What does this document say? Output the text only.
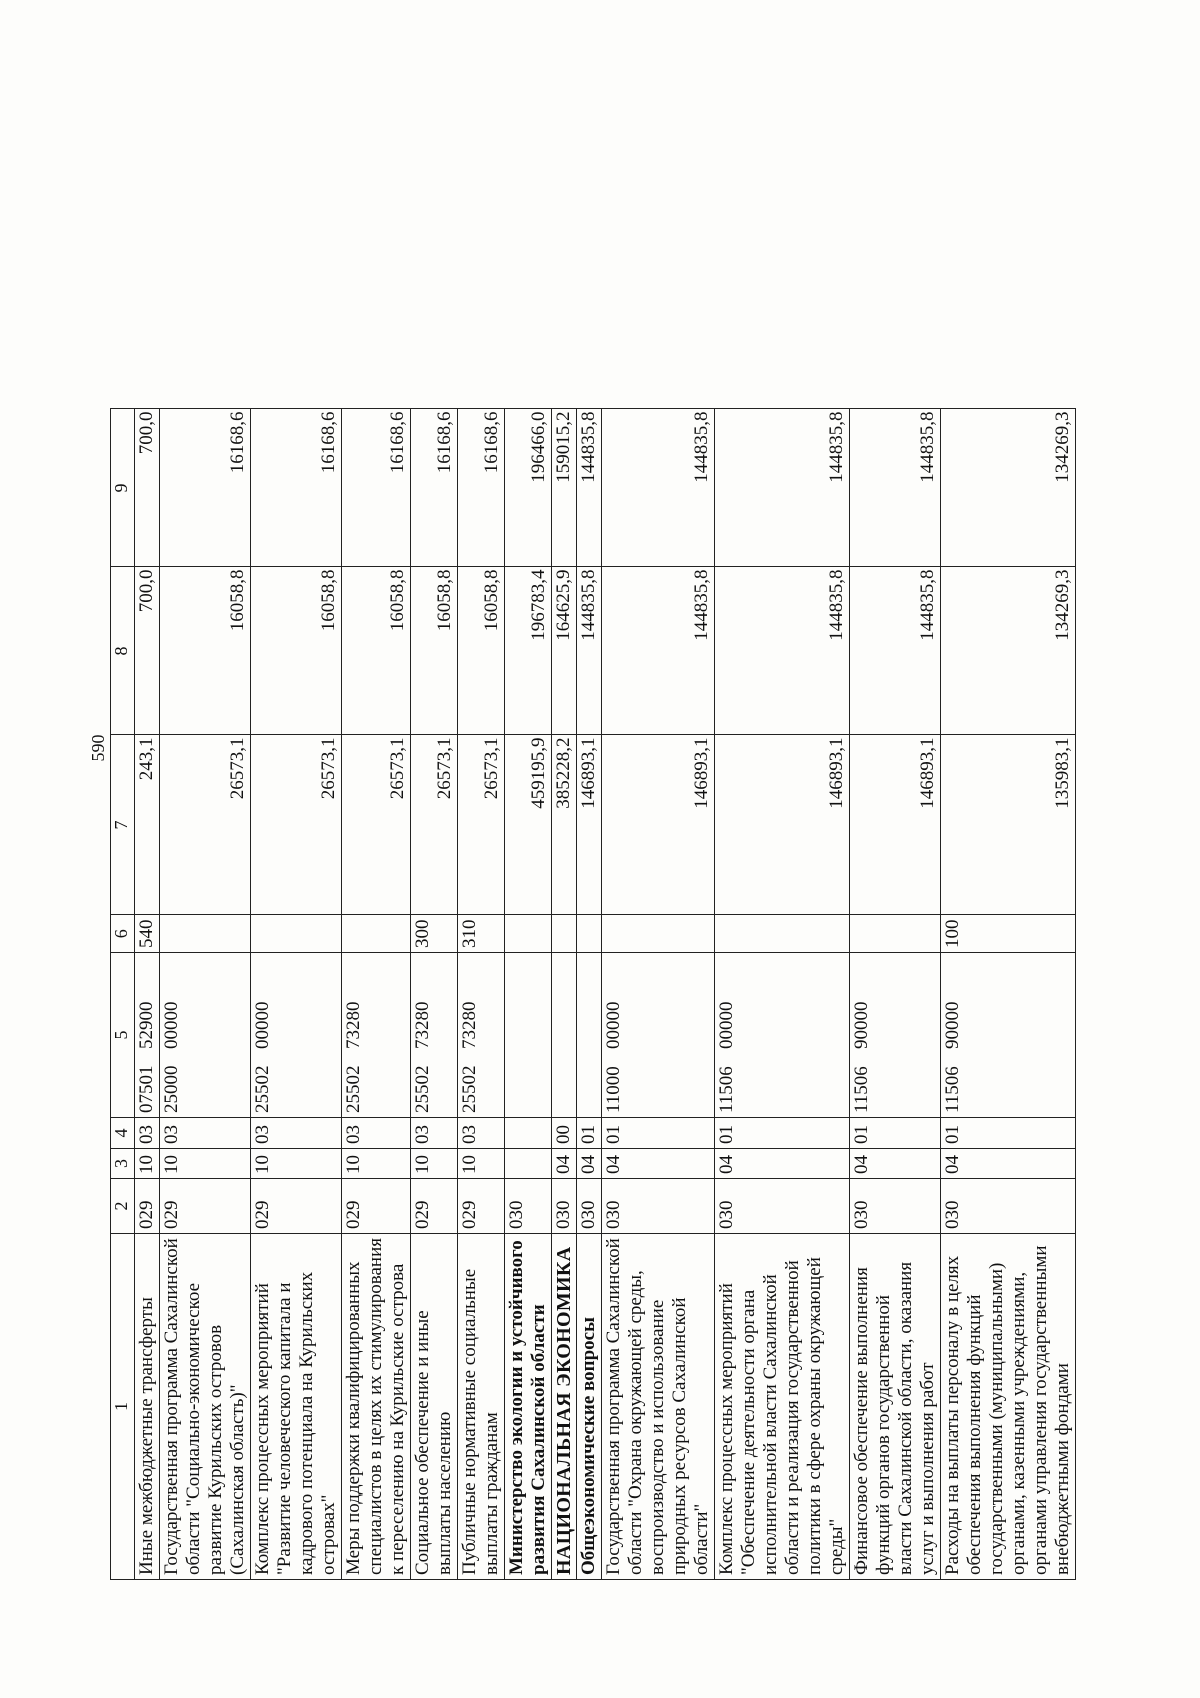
590
1	2	3	4	5	6	7	8	9
Иные межбюджетные трансферты	029	10	03	0750152900	540	243,1	700,0	700,0
Государственная программа Сахалинской области "Социально-экономическое развитие Курильских островов (Сахалинская область)"	029	10	03	2500000000		26573,1	16058,8	16168,6
Комплекс процессных мероприятий "Развитие человеческого капитала и кадрового потенциала на Курильских островах"	029	10	03	2550200000		26573,1	16058,8	16168,6
Меры поддержки квалифицированных специалистов в целях их стимулирования к переселению на Курильские острова	029	10	03	2550273280		26573,1	16058,8	16168,6
Социальное обеспечение и иные выплаты населению	029	10	03	2550273280	300	26573,1	16058,8	16168,6
Публичные нормативные социальные выплаты гражданам	029	10	03	2550273280	310	26573,1	16058,8	16168,6
Министерство экологии и устойчивого развития Сахалинской области	030					459195,9	196783,4	196466,0
НАЦИОНАЛЬНАЯ ЭКОНОМИКА	030	04	00			385228,2	164625,9	159015,2
Общеэкономические вопросы	030	04	01			146893,1	144835,8	144835,8
Государственная программа Сахалинской области "Охрана окружающей среды, воспроизводство и использование природных ресурсов Сахалинской области"	030	04	01	1100000000		146893,1	144835,8	144835,8
Комплекс процессных мероприятий "Обеспечение деятельности органа исполнительной власти Сахалинской области и реализация государственной политики в сфере охраны окружающей среды"	030	04	01	1150600000		146893,1	144835,8	144835,8
Финансовое обеспечение выполнения функций органов государственной власти Сахалинской области, оказания услуг и выполнения работ	030	04	01	1150690000		146893,1	144835,8	144835,8
Расходы на выплаты персоналу в целях обеспечения выполнения функций государственными (муниципальными) органами, казенными учреждениями, органами управления государственными внебюджетными фондами	030	04	01	1150690000	100	135983,1	134269,3	134269,3
